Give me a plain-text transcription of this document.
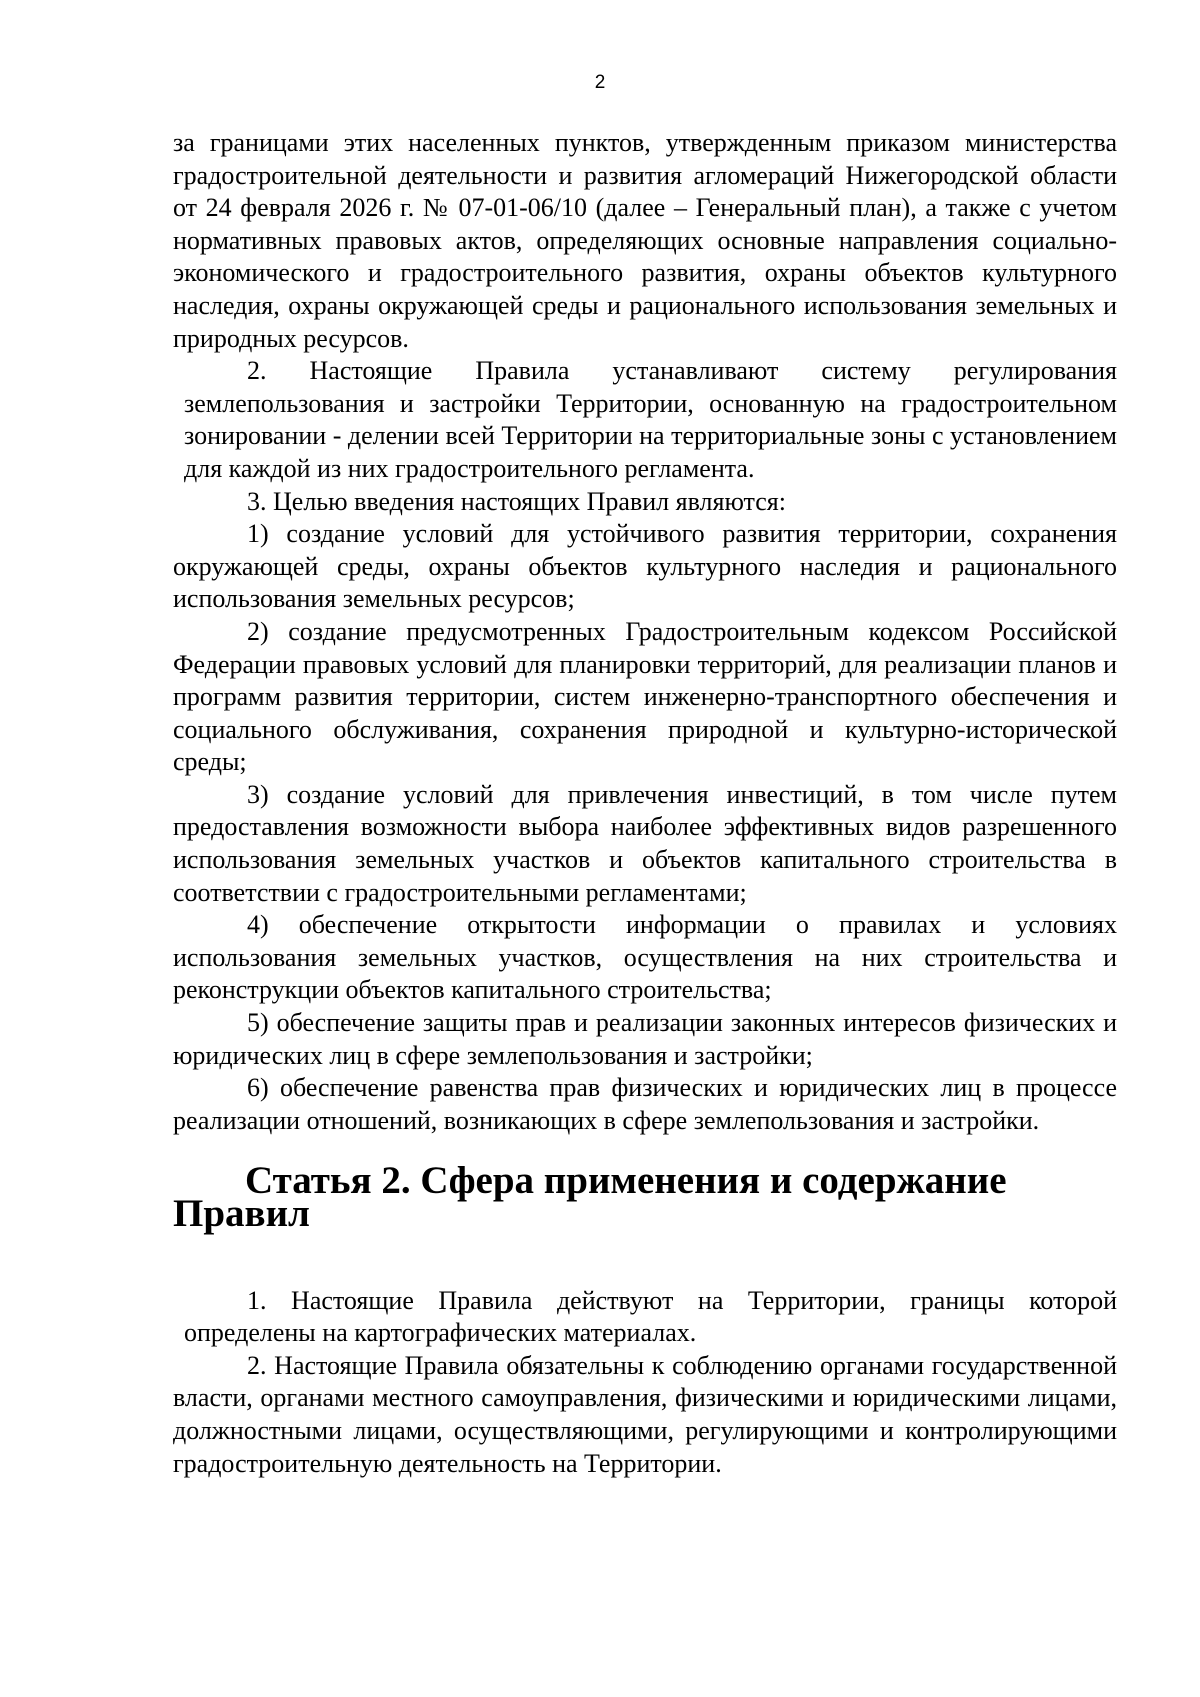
2

за границами этих населенных пунктов, утвержденным приказом министерства градостроительной деятельности и развития агломераций Нижегородской области от 24 февраля 2026 г. № 07-01-06/10 (далее – Генеральный план), а также с учетом нормативных правовых актов, определяющих основные направления социально-экономического и градостроительного развития, охраны объектов культурного наследия, охраны окружающей среды и рационального использования земельных и природных ресурсов.

2. Настоящие Правила устанавливают систему регулирования землепользования и застройки Территории, основанную на градостроительном зонировании - делении всей Территории на территориальные зоны с установлением для каждой из них градостроительного регламента.

3. Целью введения настоящих Правил являются:

1) создание условий для устойчивого развития территории, сохранения окружающей среды, охраны объектов культурного наследия и рационального использования земельных ресурсов;

2) создание предусмотренных Градостроительным кодексом Российской Федерации правовых условий для планировки территорий, для реализации планов и программ развития территории, систем инженерно-транспортного обеспечения и социального обслуживания, сохранения природной и культурно-исторической среды;

3) создание условий для привлечения инвестиций, в том числе путем предоставления возможности выбора наиболее эффективных видов разрешенного использования земельных участков и объектов капитального строительства в соответствии с градостроительными регламентами;

4) обеспечение открытости информации о правилах и условиях использования земельных участков, осуществления на них строительства и реконструкции объектов капитального строительства;

5) обеспечение защиты прав и реализации законных интересов физических и юридических лиц в сфере землепользования и застройки;

6) обеспечение равенства прав физических и юридических лиц в процессе реализации отношений, возникающих в сфере землепользования и застройки.

Статья 2. Сфера применения и содержание Правил

1. Настоящие Правила действуют на Территории, границы которой определены на картографических материалах.

2. Настоящие Правила обязательны к соблюдению органами государственной власти, органами местного самоуправления, физическими и юридическими лицами, должностными лицами, осуществляющими, регулирующими и контролирующими градостроительную деятельность на Территории.
